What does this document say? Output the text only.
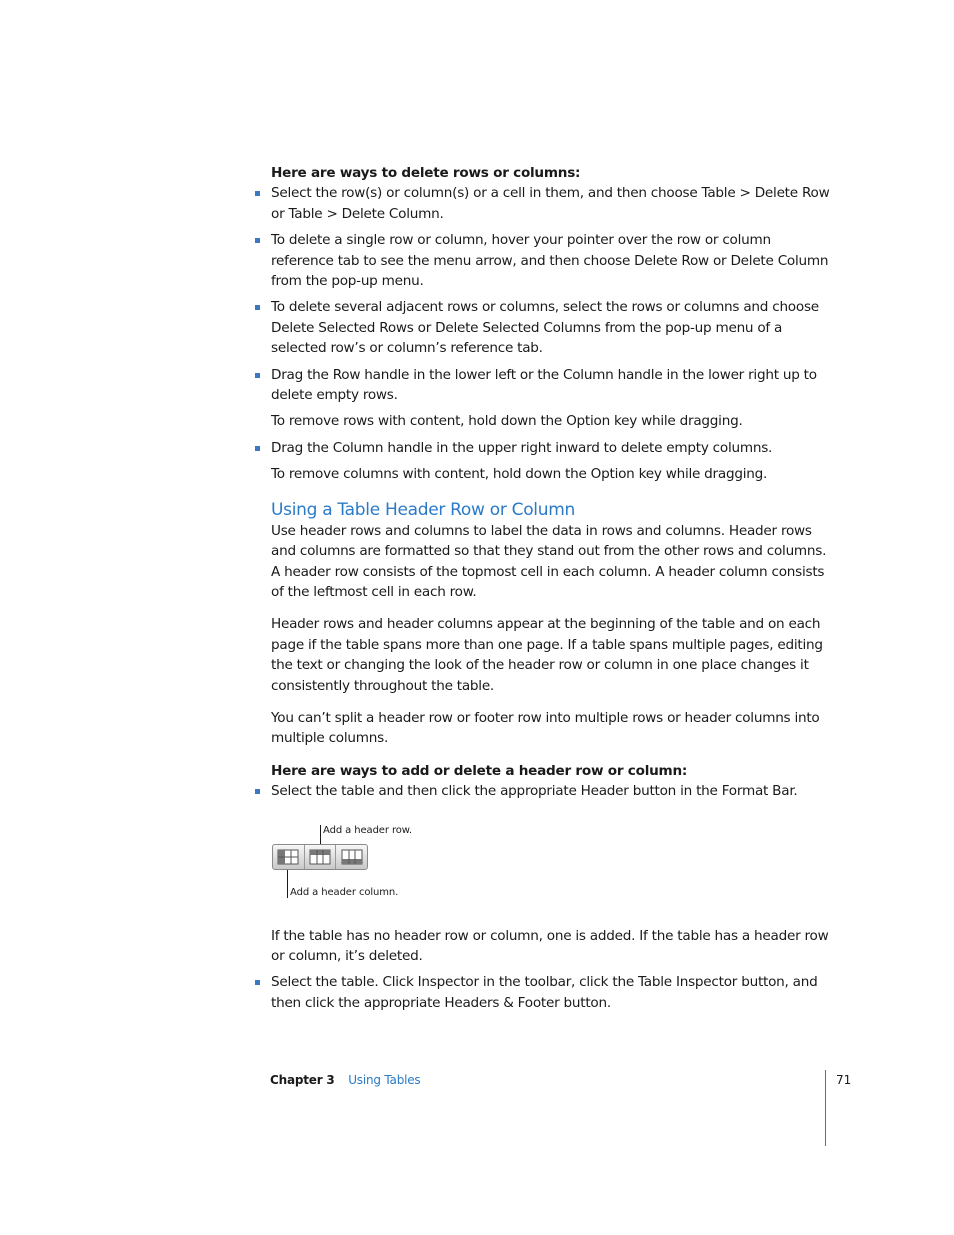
Here are ways to delete rows or columns:

Select the row(s) or column(s) or a cell in them, and then choose Table > Delete Row or Table > Delete Column.
To delete a single row or column, hover your pointer over the row or column reference tab to see the menu arrow, and then choose Delete Row or Delete Column from the pop-up menu.
To delete several adjacent rows or columns, select the rows or columns and choose Delete Selected Rows or Delete Selected Columns from the pop-up menu of a selected row’s or column’s reference tab.
Drag the Row handle in the lower left or the Column handle in the lower right up to delete empty rows.
To remove rows with content, hold down the Option key while dragging.
Drag the Column handle in the upper right inward to delete empty columns.
To remove columns with content, hold down the Option key while dragging.
Using a Table Header Row or Column

Use header rows and columns to label the data in rows and columns. Header rows and columns are formatted so that they stand out from the other rows and columns. A header row consists of the topmost cell in each column. A header column consists of the leftmost cell in each row.

Header rows and header columns appear at the beginning of the table and on each page if the table spans more than one page. If a table spans multiple pages, editing the text or changing the look of the header row or column in one place changes it consistently throughout the table.

You can’t split a header row or footer row into multiple rows or header columns into multiple columns.

Here are ways to add or delete a header row or column:

Select the table and then click the appropriate Header button in the Format Bar.
Add a header row.
Add a header column.

If the table has no header row or column, one is added. If the table has a header row or column, it’s deleted.

Select the table. Click Inspector in the toolbar, click the Table Inspector button, and then click the appropriate Headers & Footer button.
Chapter 3 Using Tables	71
